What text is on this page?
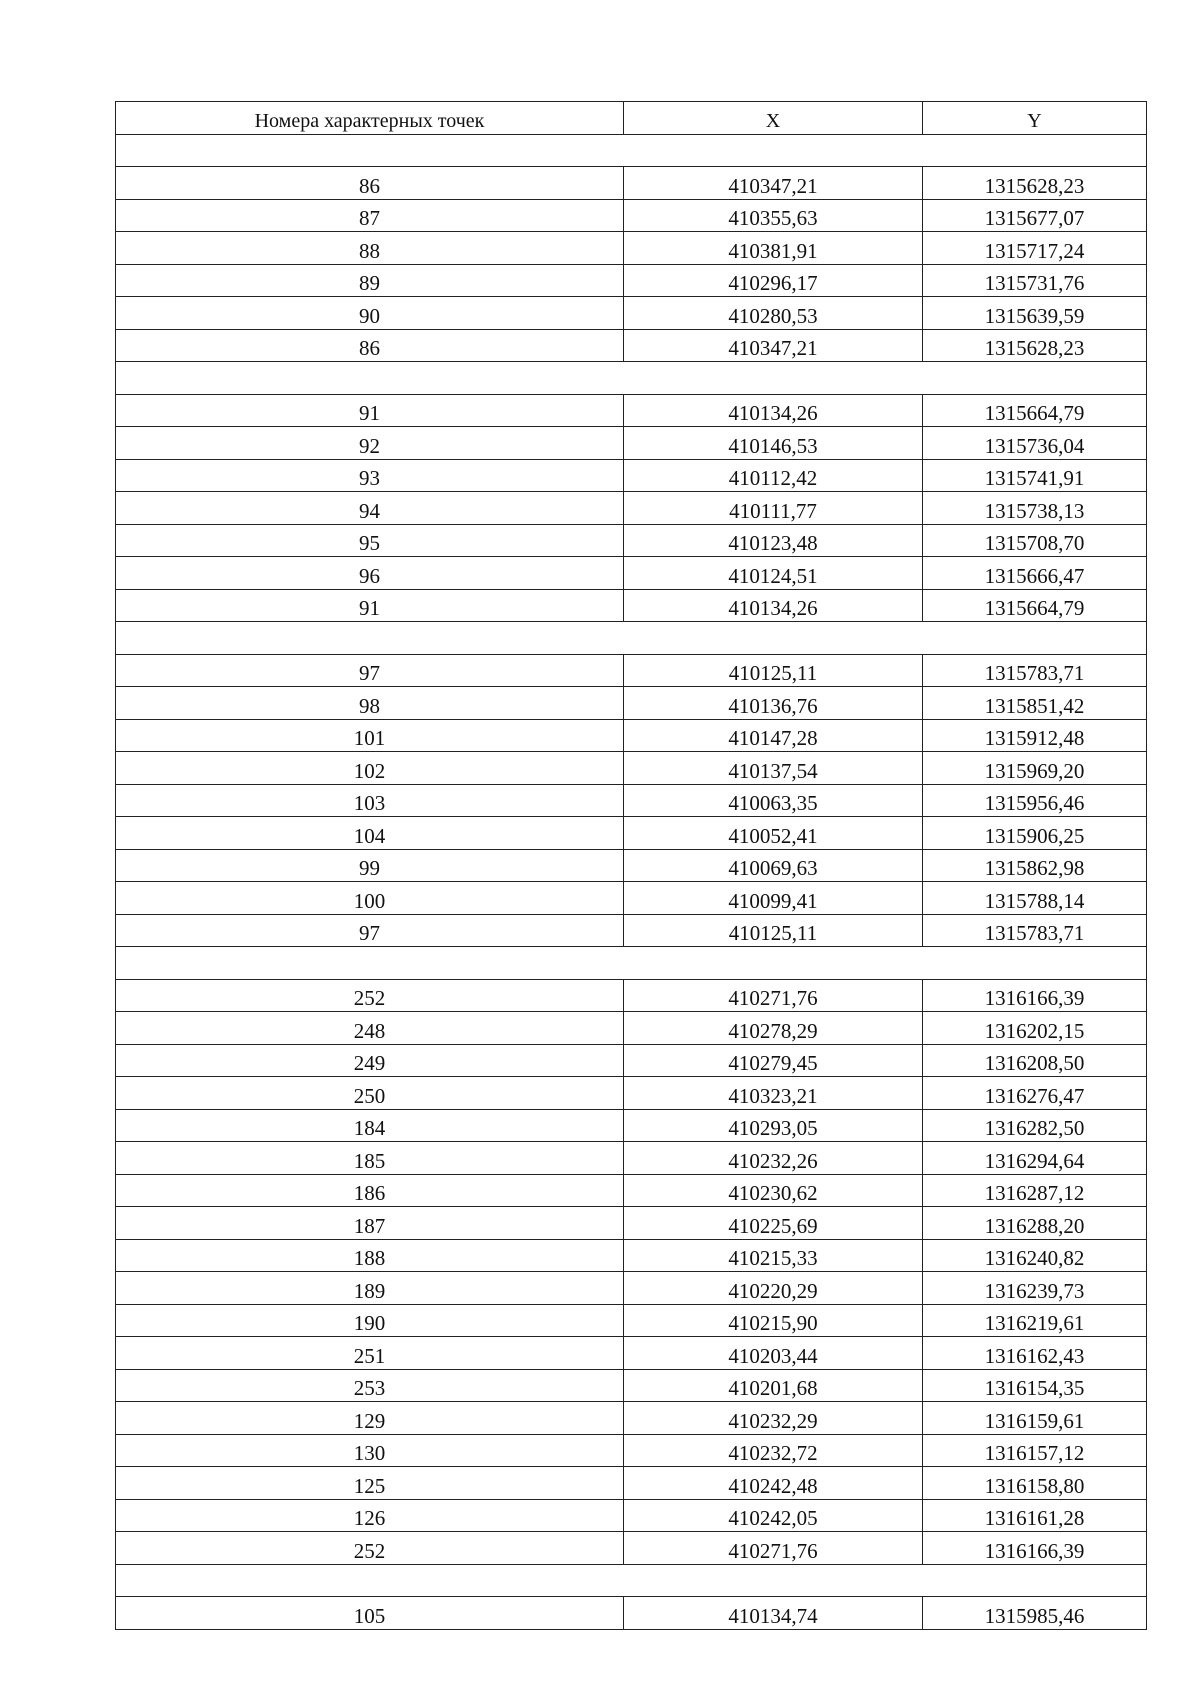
Номера характерных точек	X	Y

86	410347,21	1315628,23
87	410355,63	1315677,07
88	410381,91	1315717,24
89	410296,17	1315731,76
90	410280,53	1315639,59
86	410347,21	1315628,23

91	410134,26	1315664,79
92	410146,53	1315736,04
93	410112,42	1315741,91
94	410111,77	1315738,13
95	410123,48	1315708,70
96	410124,51	1315666,47
91	410134,26	1315664,79

97	410125,11	1315783,71
98	410136,76	1315851,42
101	410147,28	1315912,48
102	410137,54	1315969,20
103	410063,35	1315956,46
104	410052,41	1315906,25
99	410069,63	1315862,98
100	410099,41	1315788,14
97	410125,11	1315783,71

252	410271,76	1316166,39
248	410278,29	1316202,15
249	410279,45	1316208,50
250	410323,21	1316276,47
184	410293,05	1316282,50
185	410232,26	1316294,64
186	410230,62	1316287,12
187	410225,69	1316288,20
188	410215,33	1316240,82
189	410220,29	1316239,73
190	410215,90	1316219,61
251	410203,44	1316162,43
253	410201,68	1316154,35
129	410232,29	1316159,61
130	410232,72	1316157,12
125	410242,48	1316158,80
126	410242,05	1316161,28
252	410271,76	1316166,39

105	410134,74	1315985,46
